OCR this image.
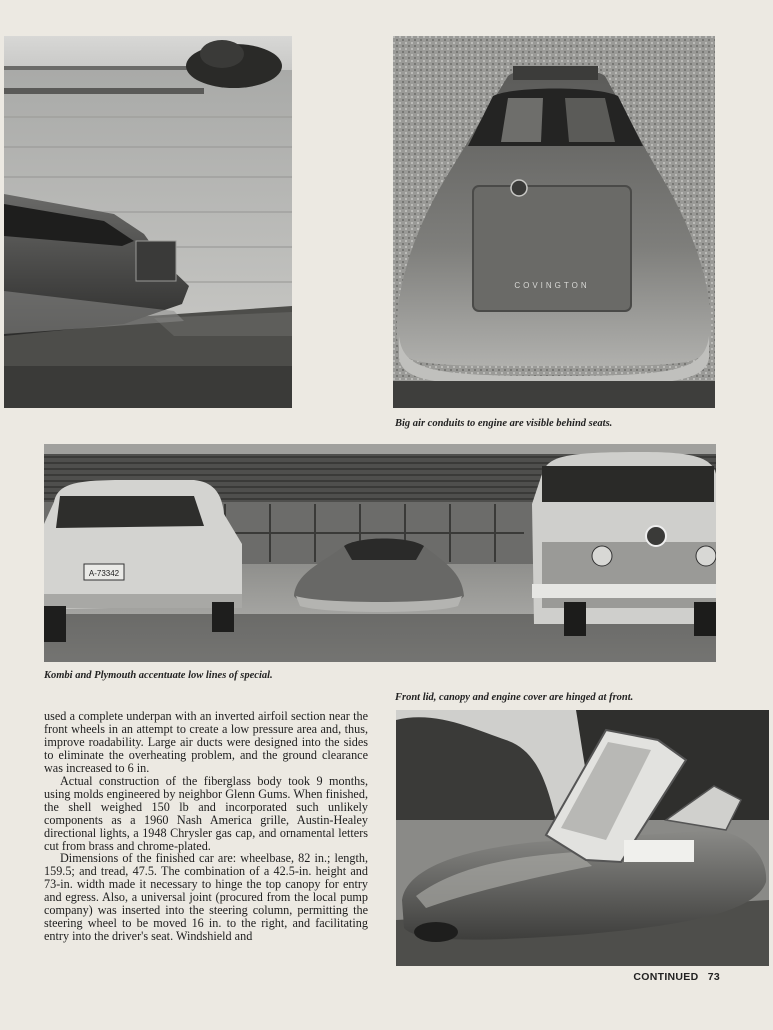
COVINGTON
Big air conduits to engine are visible behind seats.
A-73342
Kombi and Plymouth accentuate low lines of special.
Front lid, canopy and engine cover are hinged at front.

used a complete underpan with an inverted airfoil section near the front wheels in an attempt to create a low pressure area and, thus, improve roadability. Large air ducts were designed into the sides to eliminate the overheating problem, and the ground clearance was increased to 6 in.

Actual construction of the fiberglass body took 9 months, using molds engineered by neighbor Glenn Gums. When finished, the shell weighed 150 lb and incorporated such unlikely components as a 1960 Nash America grille, Austin-Healey directional lights, a 1948 Chrysler gas cap, and ornamental letters cut from brass and chrome-plated.

Dimensions of the finished car are: wheelbase, 82 in.; length, 159.5; and tread, 47.5. The combination of a 42.5-in. height and 73-in. width made it necessary to hinge the top canopy for entry and egress. Also, a universal joint (procured from the local pump company) was inserted into the steering column, permitting the steering wheel to be moved 16 in. to the right, and facilitating entry into the driver's seat. Windshield and

CONTINUED 73
